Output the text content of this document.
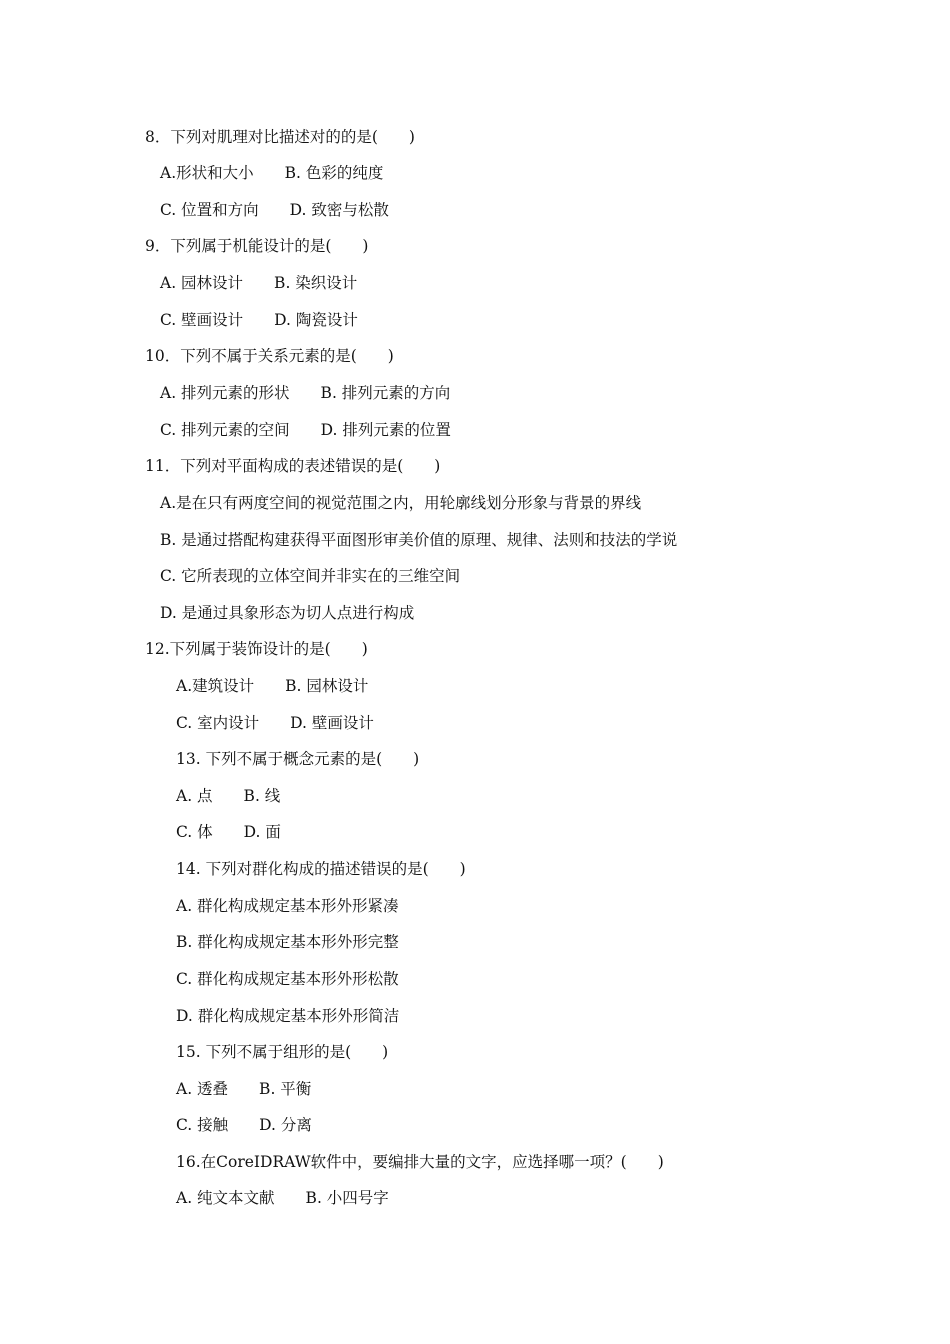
8．下列对肌理对比描述对的的是(　　)

A.形状和大小　　B. 色彩的纯度

C. 位置和方向　　D. 致密与松散

9．下列属于机能设计的是(　　)

A. 园林设计　　B. 染织设计

C. 壁画设计　　D. 陶瓷设计

10．下列不属于关系元素的是(　　)

A. 排列元素的形状　　B. 排列元素的方向

C. 排列元素的空间　　D. 排列元素的位置

11．下列对平面构成的表述错误的是(　　)

A.是在只有两度空间的视觉范围之内，用轮廓线划分形象与背景的界线

B. 是通过搭配构建获得平面图形审美价值的原理、规律、法则和技法的学说

C. 它所表现的立体空间并非实在的三维空间

D. 是通过具象形态为切人点进行构成

12.下列属于装饰设计的是(　　)

A.建筑设计　　B. 园林设计

C. 室内设计　　D. 壁画设计

13. 下列不属于概念元素的是(　　)

A. 点　　B. 线

C. 体　　D. 面

14. 下列对群化构成的描述错误的是(　　)

A. 群化构成规定基本形外形紧凑

B. 群化构成规定基本形外形完整

C. 群化构成规定基本形外形松散

D. 群化构成规定基本形外形简洁

15. 下列不属于组形的是(　　)

A. 透叠　　B. 平衡

C. 接触　　D. 分离

16.在CoreIDRAW软件中，要编排大量的文字，应选择哪一项？(　　)

A. 纯文本文献　　B. 小四号字
